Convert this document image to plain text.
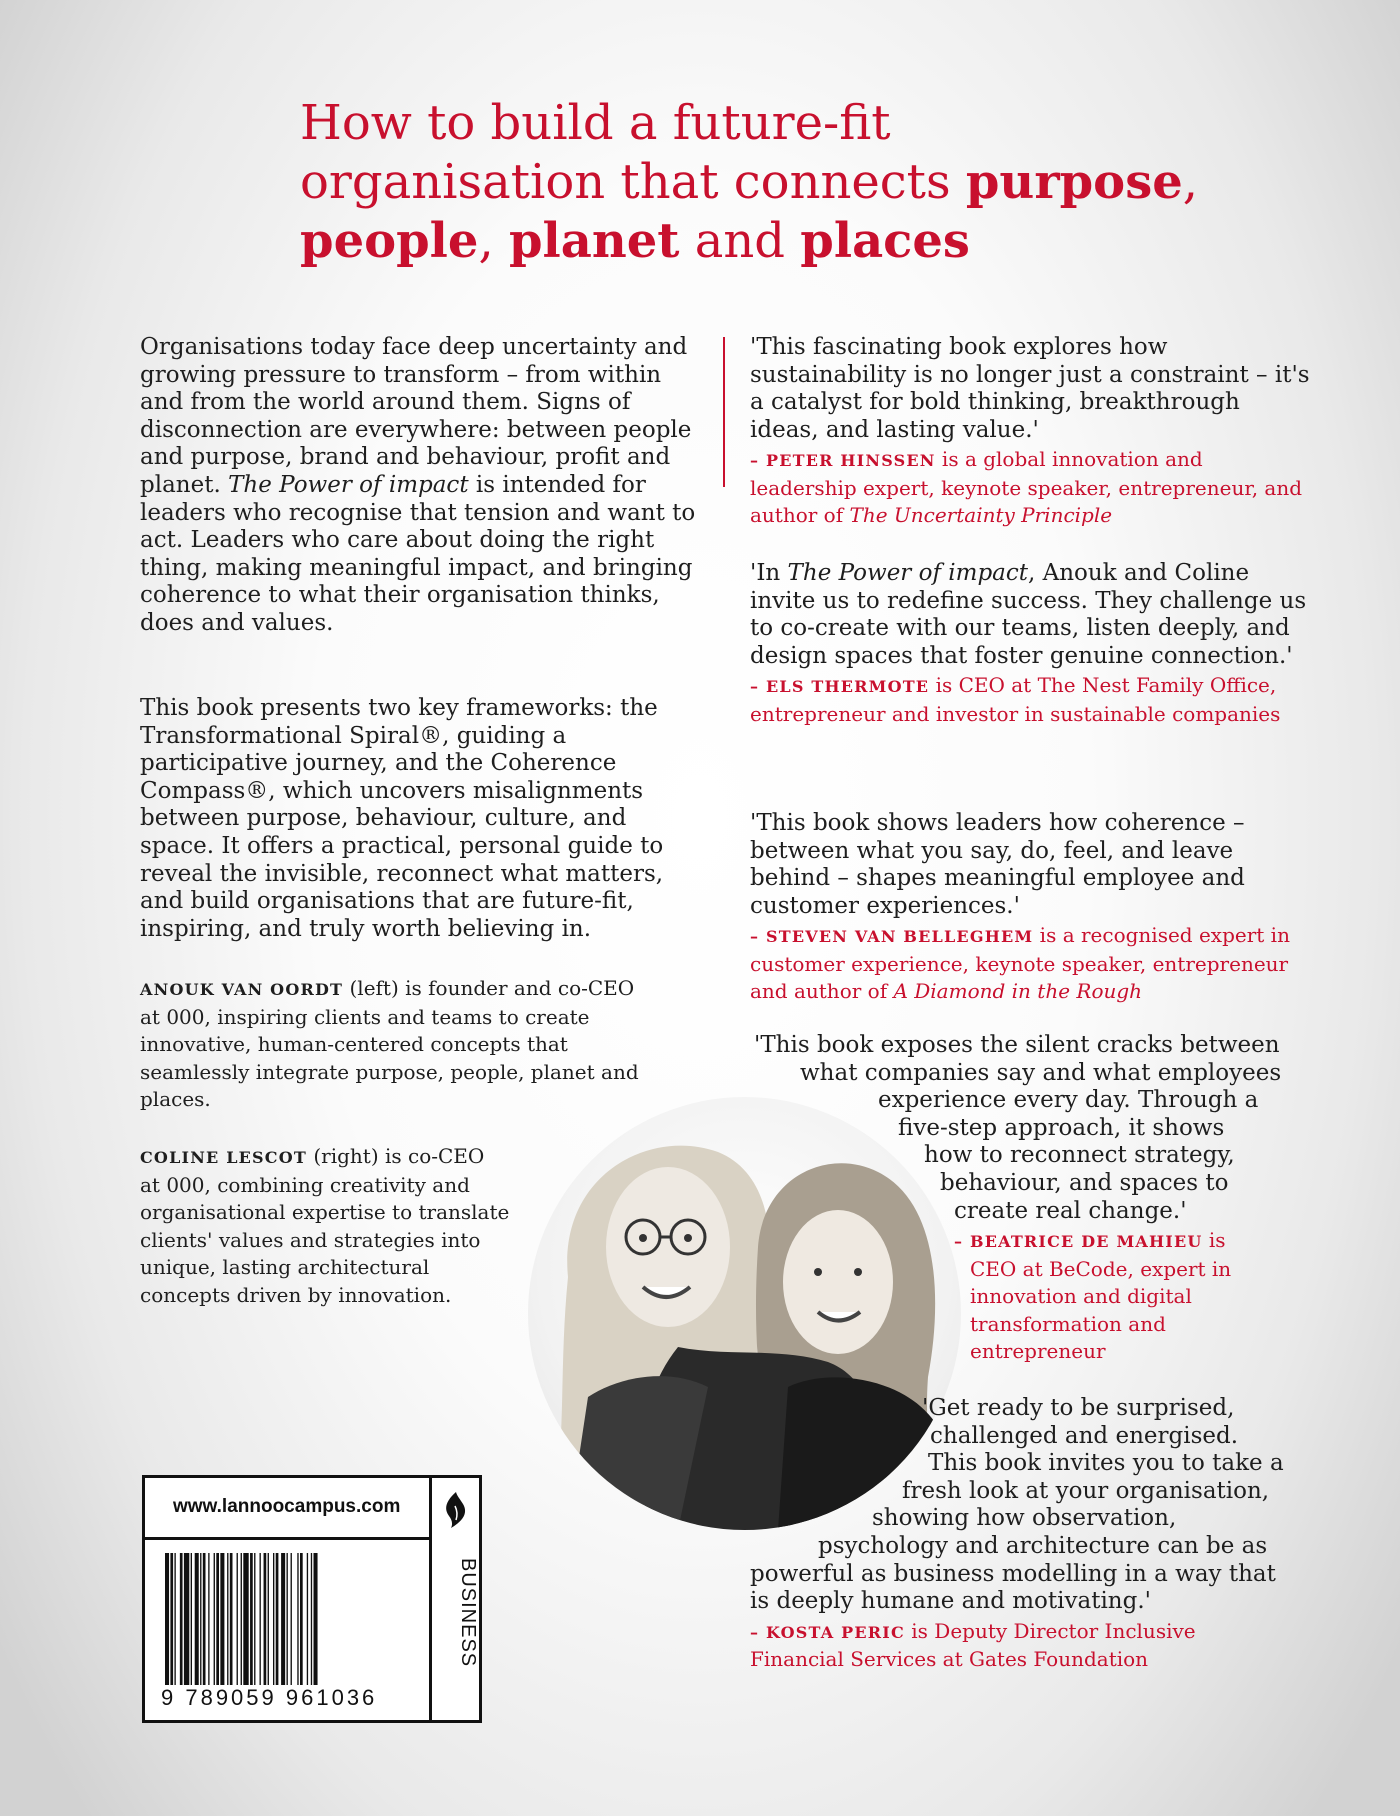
How to build a future-fit
organisation that connects purpose,
people, planet and places

Organisations today face deep uncertainty and growing pressure to transform – from within and from the world around them. Signs of disconnection are everywhere: between people and purpose, brand and behaviour, profit and planet. The Power of impact is intended for leaders who recognise that tension and want to act. Leaders who care about doing the right thing, making meaningful impact, and bringing coherence to what their organisation thinks, does and values.

This book presents two key frameworks: the Transformational Spiral®, guiding a participative journey, and the Coherence Compass®, which uncovers misalignments between purpose, behaviour, culture, and space. It offers a practical, personal guide to reveal the invisible, reconnect what matters, and build organisations that are future-fit, inspiring, and truly worth believing in.

ANOUK VAN OORDT (left) is founder and co-CEO at 000, inspiring clients and teams to create innovative, human-centered concepts that seamlessly integrate purpose, people, planet and places.

COLINE LESCOT (right) is co-CEO at 000, combining creativity and organisational expertise to translate clients' values and strategies into unique, lasting architectural concepts driven by innovation.

'This fascinating book explores how sustainability is no longer just a constraint – it's a catalyst for bold thinking, breakthrough ideas, and lasting value.'

– PETER HINSSEN is a global innovation and leadership expert, keynote speaker, entrepreneur, and author of The Uncertainty Principle

'In The Power of impact, Anouk and Coline invite us to redefine success. They challenge us to co-create with our teams, listen deeply, and design spaces that foster genuine connection.'

– ELS THERMOTE is CEO at The Nest Family Office, entrepreneur and investor in sustainable companies

'This book shows leaders how coherence – between what you say, do, feel, and leave behind – shapes meaningful employee and customer experiences.'

– STEVEN VAN BELLEGHEM is a recognised expert in customer experience, keynote speaker, entrepreneur and author of A Diamond in the Rough

'This book exposes the silent cracks between
what companies say and what employees
experience every day. Through a
five-step approach, it shows
how to reconnect strategy,
behaviour, and spaces to
create real change.'
– BEATRICE DE MAHIEU is
CEO at BeCode, expert in
innovation and digital
transformation and
entrepreneur
'Get ready to be surprised,
challenged and energised.
This book invites you to take a
fresh look at your organisation,
showing how observation,
psychology and architecture can be as
powerful as business modelling in a way that
is deeply humane and motivating.'

– KOSTA PERIC is Deputy Director Inclusive Financial Services at Gates Foundation

www.lannoocampus.com
BUSINESS
9 789059 961036
